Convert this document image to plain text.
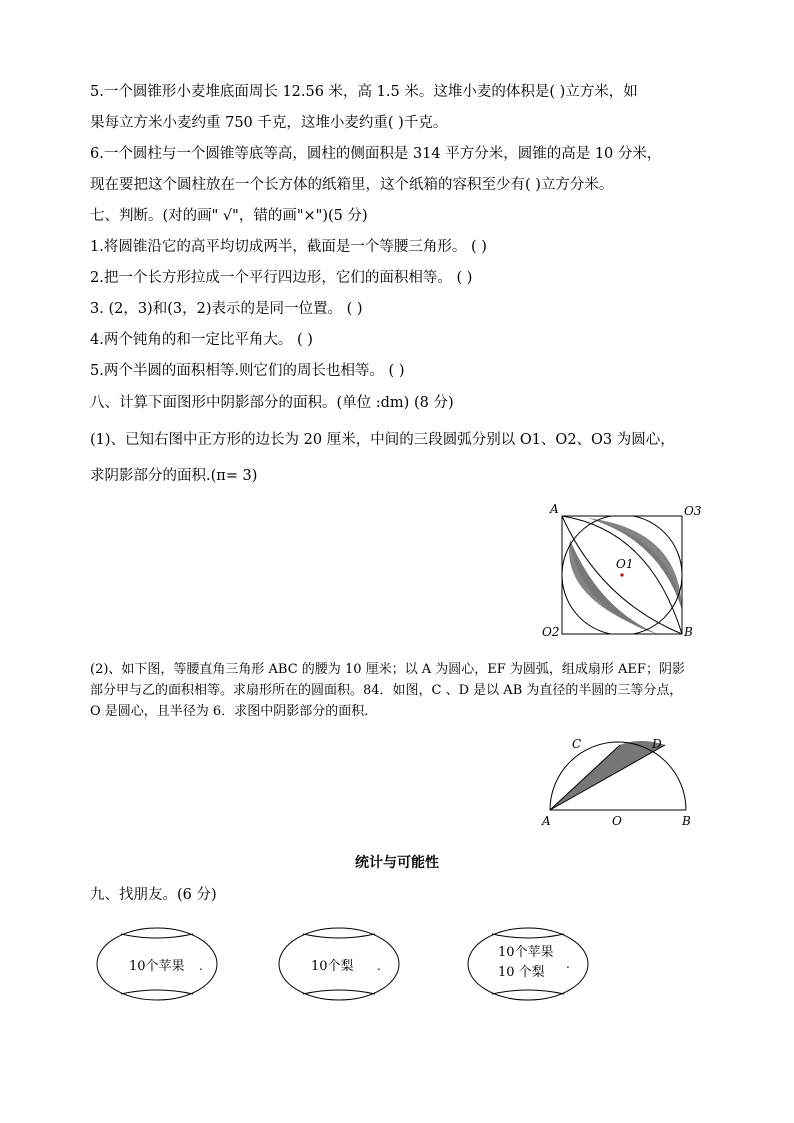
5.一个圆锥形小麦堆底面周长 12.56 米，高 1.5 米。这堆小麦的体积是( )立方米，如
果每立方米小麦约重 750 千克，这堆小麦约重( )千克。
6.一个圆柱与一个圆锥等底等高，圆柱的侧面积是 314 平方分米，圆锥的高是 10 分米，
现在要把这个圆柱放在一个长方体的纸箱里，这个纸箱的容积至少有( )立方分米。
七、判断。(对的画" √"，错的画"×")(5 分)
1.将圆锥沿它的高平均切成两半，截面是一个等腰三角形。 ( )
2.把一个长方形拉成一个平行四边形，它们的面积相等。 ( )
3. (2，3)和(3，2)表示的是同一位置。 ( )
4.两个钝角的和一定比平角大。 ( )
5.两个半圆的面积相等.则它们的周长也相等。 ( )
八、计算下面图形中阴影部分的面积。(单位 :dm) (8 分)
(1)、已知右图中正方形的边长为 20 厘米，中间的三段圆弧分别以 O1、O2、O3 为圆心，
求阴影部分的面积.(π= 3)
A	O3
O1
O2	B
(2)、如下图，等腰直角三角形 ABC 的腰为 10 厘米；以 A 为圆心，EF 为圆弧，组成扇形 AEF；阴影
部分甲与乙的面积相等。求扇形所在的圆面积。84．如图，C 、D 是以 AB 为直径的半圆的三等分点，
O 是圆心，且半径为 6．求图中阴影部分的面积．
C	D
A	O	B
统计与可能性
九、找朋友。(6 分)
10个苹果 .	10个梨 .
10个苹果
10 个梨
.
